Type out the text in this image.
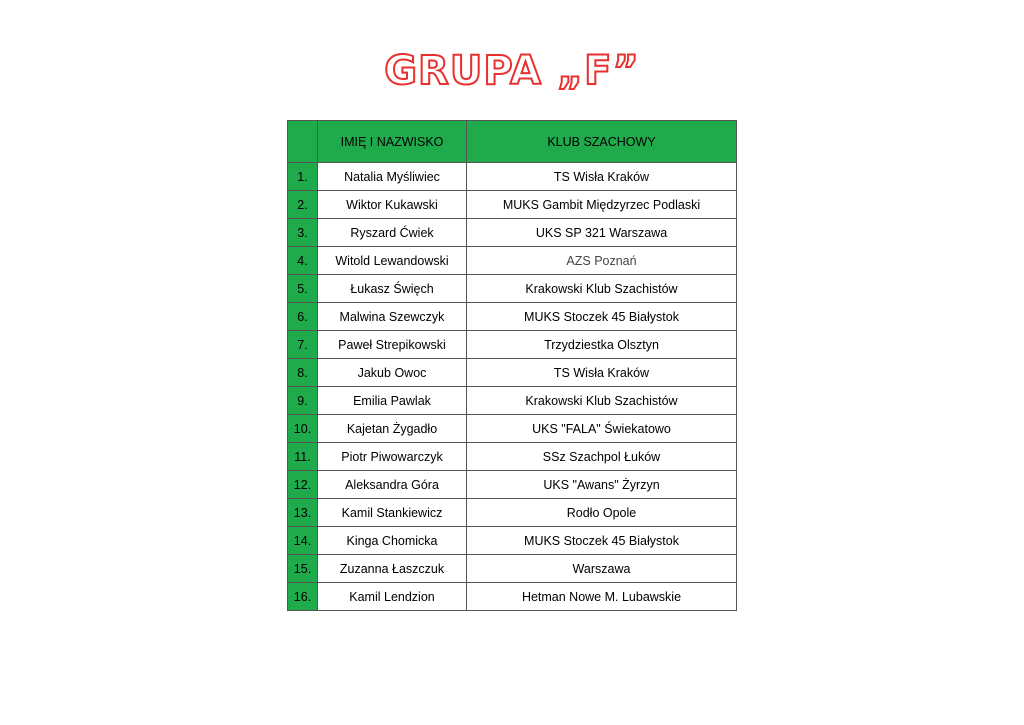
GRUPA „F”
	IMIĘ I NAZWISKO	KLUB SZACHOWY
1.	Natalia Myśliwiec	TS Wisła Kraków
2.	Wiktor Kukawski	MUKS Gambit Międzyrzec Podlaski
3.	Ryszard Ćwiek	UKS SP 321 Warszawa
4.	Witold Lewandowski	AZS Poznań
5.	Łukasz Święch	Krakowski Klub Szachistów
6.	Malwina Szewczyk	MUKS Stoczek 45 Białystok
7.	Paweł Strepikowski	Trzydziestka Olsztyn
8.	Jakub Owoc	TS Wisła Kraków
9.	Emilia Pawlak	Krakowski Klub Szachistów
10.	Kajetan Żygadło	UKS "FALA" Świekatowo
11.	Piotr Piwowarczyk	SSz Szachpol Łuków
12.	Aleksandra Góra	UKS "Awans" Żyrzyn
13.	Kamil Stankiewicz	Rodło Opole
14.	Kinga Chomicka	MUKS Stoczek 45 Białystok
15.	Zuzanna Łaszczuk	Warszawa
16.	Kamil Lendzion	Hetman Nowe M. Lubawskie
